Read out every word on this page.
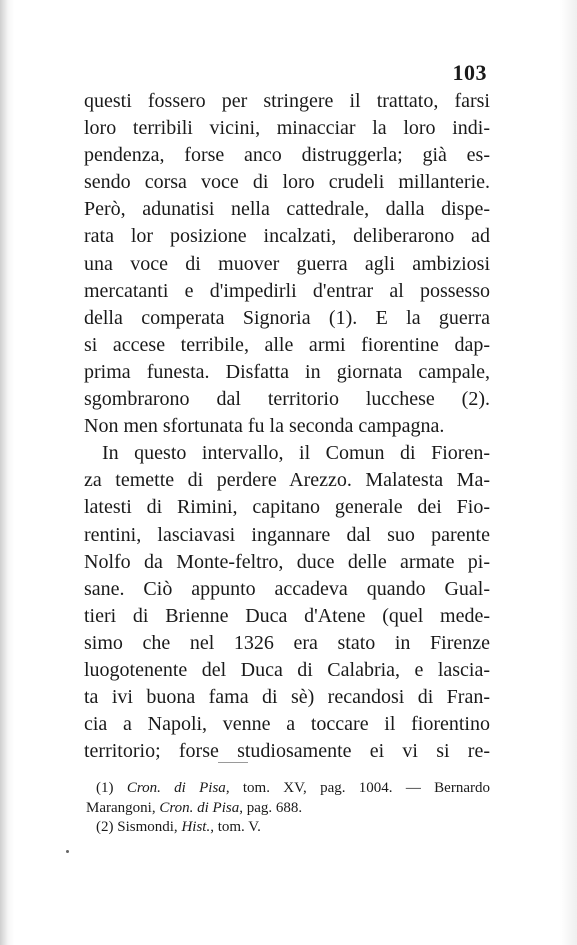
103
questi fossero per stringere il trattato, farsi
loro terribili vicini, minacciar la loro indi-
pendenza, forse anco distruggerla; già es-
sendo corsa voce di loro crudeli millanterie.
Però, adunatisi nella cattedrale, dalla dispe-
rata lor posizione incalzati, deliberarono ad
una voce di muover guerra agli ambiziosi
mercatanti e d'impedirli d'entrar al possesso
della comperata Signoria (1). E la guerra
si accese terribile, alle armi fiorentine dap-
prima funesta. Disfatta in giornata campale,
sgombrarono dal territorio lucchese (2).
Non men sfortunata fu la seconda campagna.
In questo intervallo, il Comun di Fioren-
za temette di perdere Arezzo. Malatesta Ma-
latesti di Rimini, capitano generale dei Fio-
rentini, lasciavasi ingannare dal suo parente
Nolfo da Monte-feltro, duce delle armate pi-
sane. Ciò appunto accadeva quando Gual-
tieri di Brienne Duca d'Atene (quel mede-
simo che nel 1326 era stato in Firenze
luogotenente del Duca di Calabria, e lascia-
ta ivi buona fama di sè) recandosi di Fran-
cia a Napoli, venne a toccare il fiorentino
territorio; forse studiosamente ei vi si re-
(1) Cron. di Pisa, tom. XV, pag. 1004. — Bernardo
Marangoni, Cron. di Pisa, pag. 688.
(2) Sismondi, Hist., tom. V.
